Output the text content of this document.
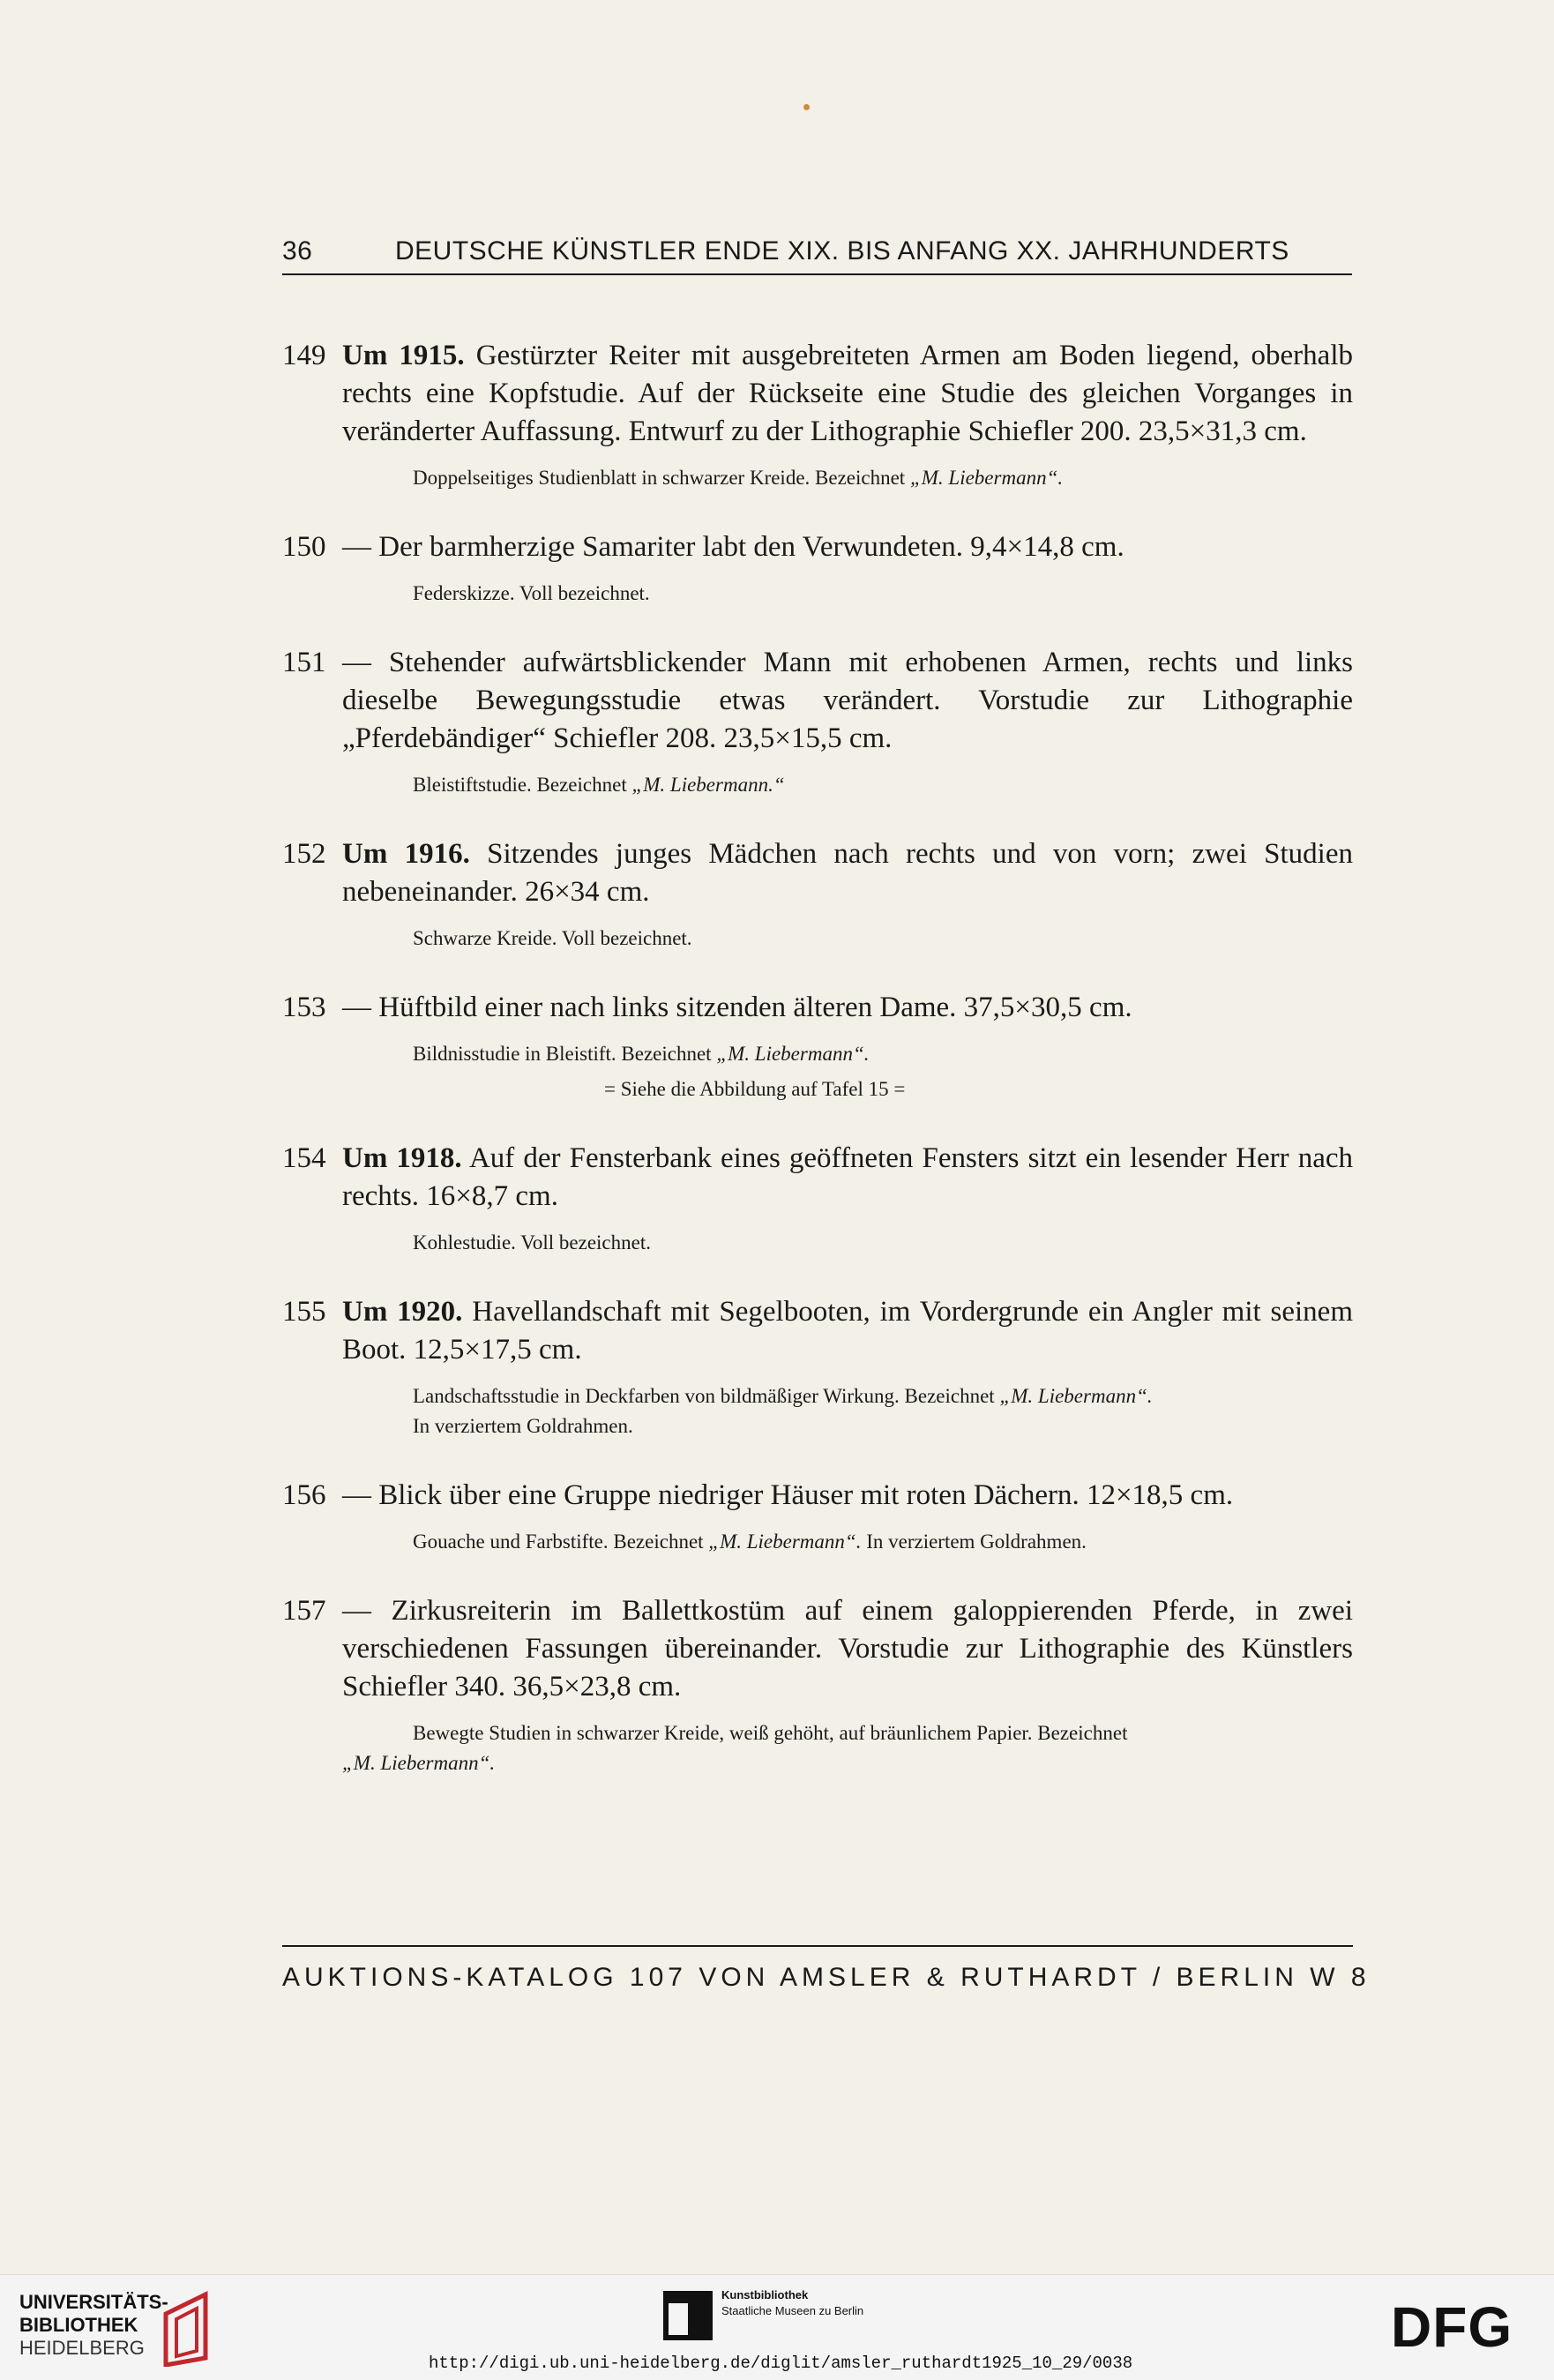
36	DEUTSCHE KÜNSTLER ENDE XIX. BIS ANFANG XX. JAHRHUNDERTS
149 Um 1915. Gestürzter Reiter mit ausgebreiteten Armen am Boden liegend, oberhalb rechts eine Kopfstudie. Auf der Rückseite eine Studie des gleichen Vorganges in veränderter Auffassung. Entwurf zu der Lithographie Schiefler 200. 23,5×31,3 cm.
Doppelseitiges Studienblatt in schwarzer Kreide. Bezeichnet „M. Liebermann“.
150 — Der barmherzige Samariter labt den Verwundeten. 9,4×14,8 cm.
Federskizze. Voll bezeichnet.
151 — Stehender aufwärtsblickender Mann mit erhobenen Armen, rechts und links dieselbe Bewegungsstudie etwas verändert. Vorstudie zur Lithographie „Pferdebändiger“ Schiefler 208. 23,5×15,5 cm.
Bleistiftstudie. Bezeichnet „M. Liebermann.“
152 Um 1916. Sitzendes junges Mädchen nach rechts und von vorn; zwei Studien nebeneinander. 26×34 cm.
Schwarze Kreide. Voll bezeichnet.
153 — Hüftbild einer nach links sitzenden älteren Dame. 37,5×30,5 cm.
Bildnisstudie in Bleistift. Bezeichnet „M. Liebermann“.
= Siehe die Abbildung auf Tafel 15 =
154 Um 1918. Auf der Fensterbank eines geöffneten Fensters sitzt ein lesender Herr nach rechts. 16×8,7 cm.
Kohlestudie. Voll bezeichnet.
155 Um 1920. Havellandschaft mit Segelbooten, im Vordergrunde ein Angler mit seinem Boot. 12,5×17,5 cm.
Landschaftsstudie in Deckfarben von bildmäßiger Wirkung. Bezeichnet „M. Liebermann“.
In verziertem Goldrahmen.
156 — Blick über eine Gruppe niedriger Häuser mit roten Dächern. 12×18,5 cm.
Gouache und Farbstifte. Bezeichnet „M. Liebermann“. In verziertem Goldrahmen.
157 — Zirkusreiterin im Ballettkostüm auf einem galoppierenden Pferde, in zwei verschiedenen Fassungen übereinander. Vorstudie zur Lithographie des Künstlers Schiefler 340. 36,5×23,8 cm.
Bewegte Studien in schwarzer Kreide, weiß gehöht, auf bräunlichem Papier. Bezeichnet
„M. Liebermann“.
AUKTIONS-KATALOG 107 VON AMSLER & RUTHARDT / BERLIN W 8
UNIVERSITÄTS-
BIBLIOTHEK
HEIDELBERG
Kunstbibliothek
Staatliche Museen zu Berlin	DFG
http://digi.ub.uni-heidelberg.de/diglit/amsler_ruthardt1925_10_29/0038
